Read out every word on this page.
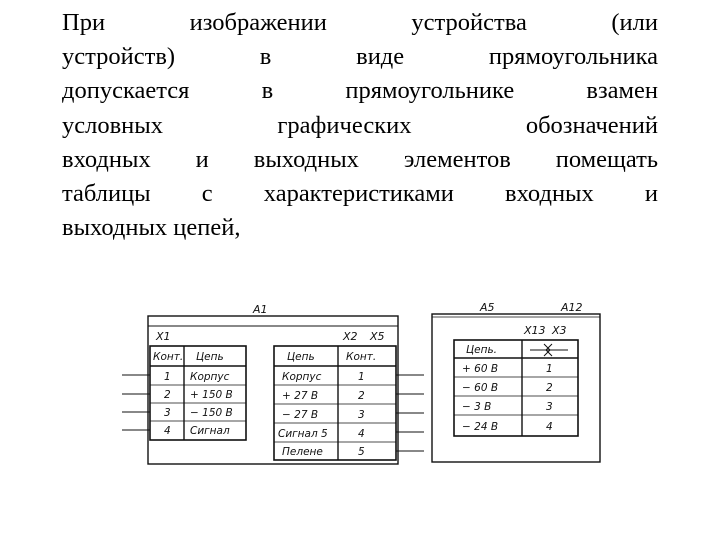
При изображении устройства (или
устройств) в виде прямоугольника
допускается в прямоугольнике взамен
условных графических обозначений
входных и выходных элементов помещать
таблицы с характеристиками входных и
выходных цепей,
А1
Х1	Х2 Х5
Конт. Цепь
1 Корпус
2 + 150 В
3 − 150 В
4 Сигнал
Цепь	Конт.
Корпус	1
+ 27 В	2
− 27 В	3
Сигнал 5	4
Пелене	5
А5	А12
Х13 Х3
Цепь.
+ 60 В	1
− 60 В	2
− 3 В	3
− 24 В	4
